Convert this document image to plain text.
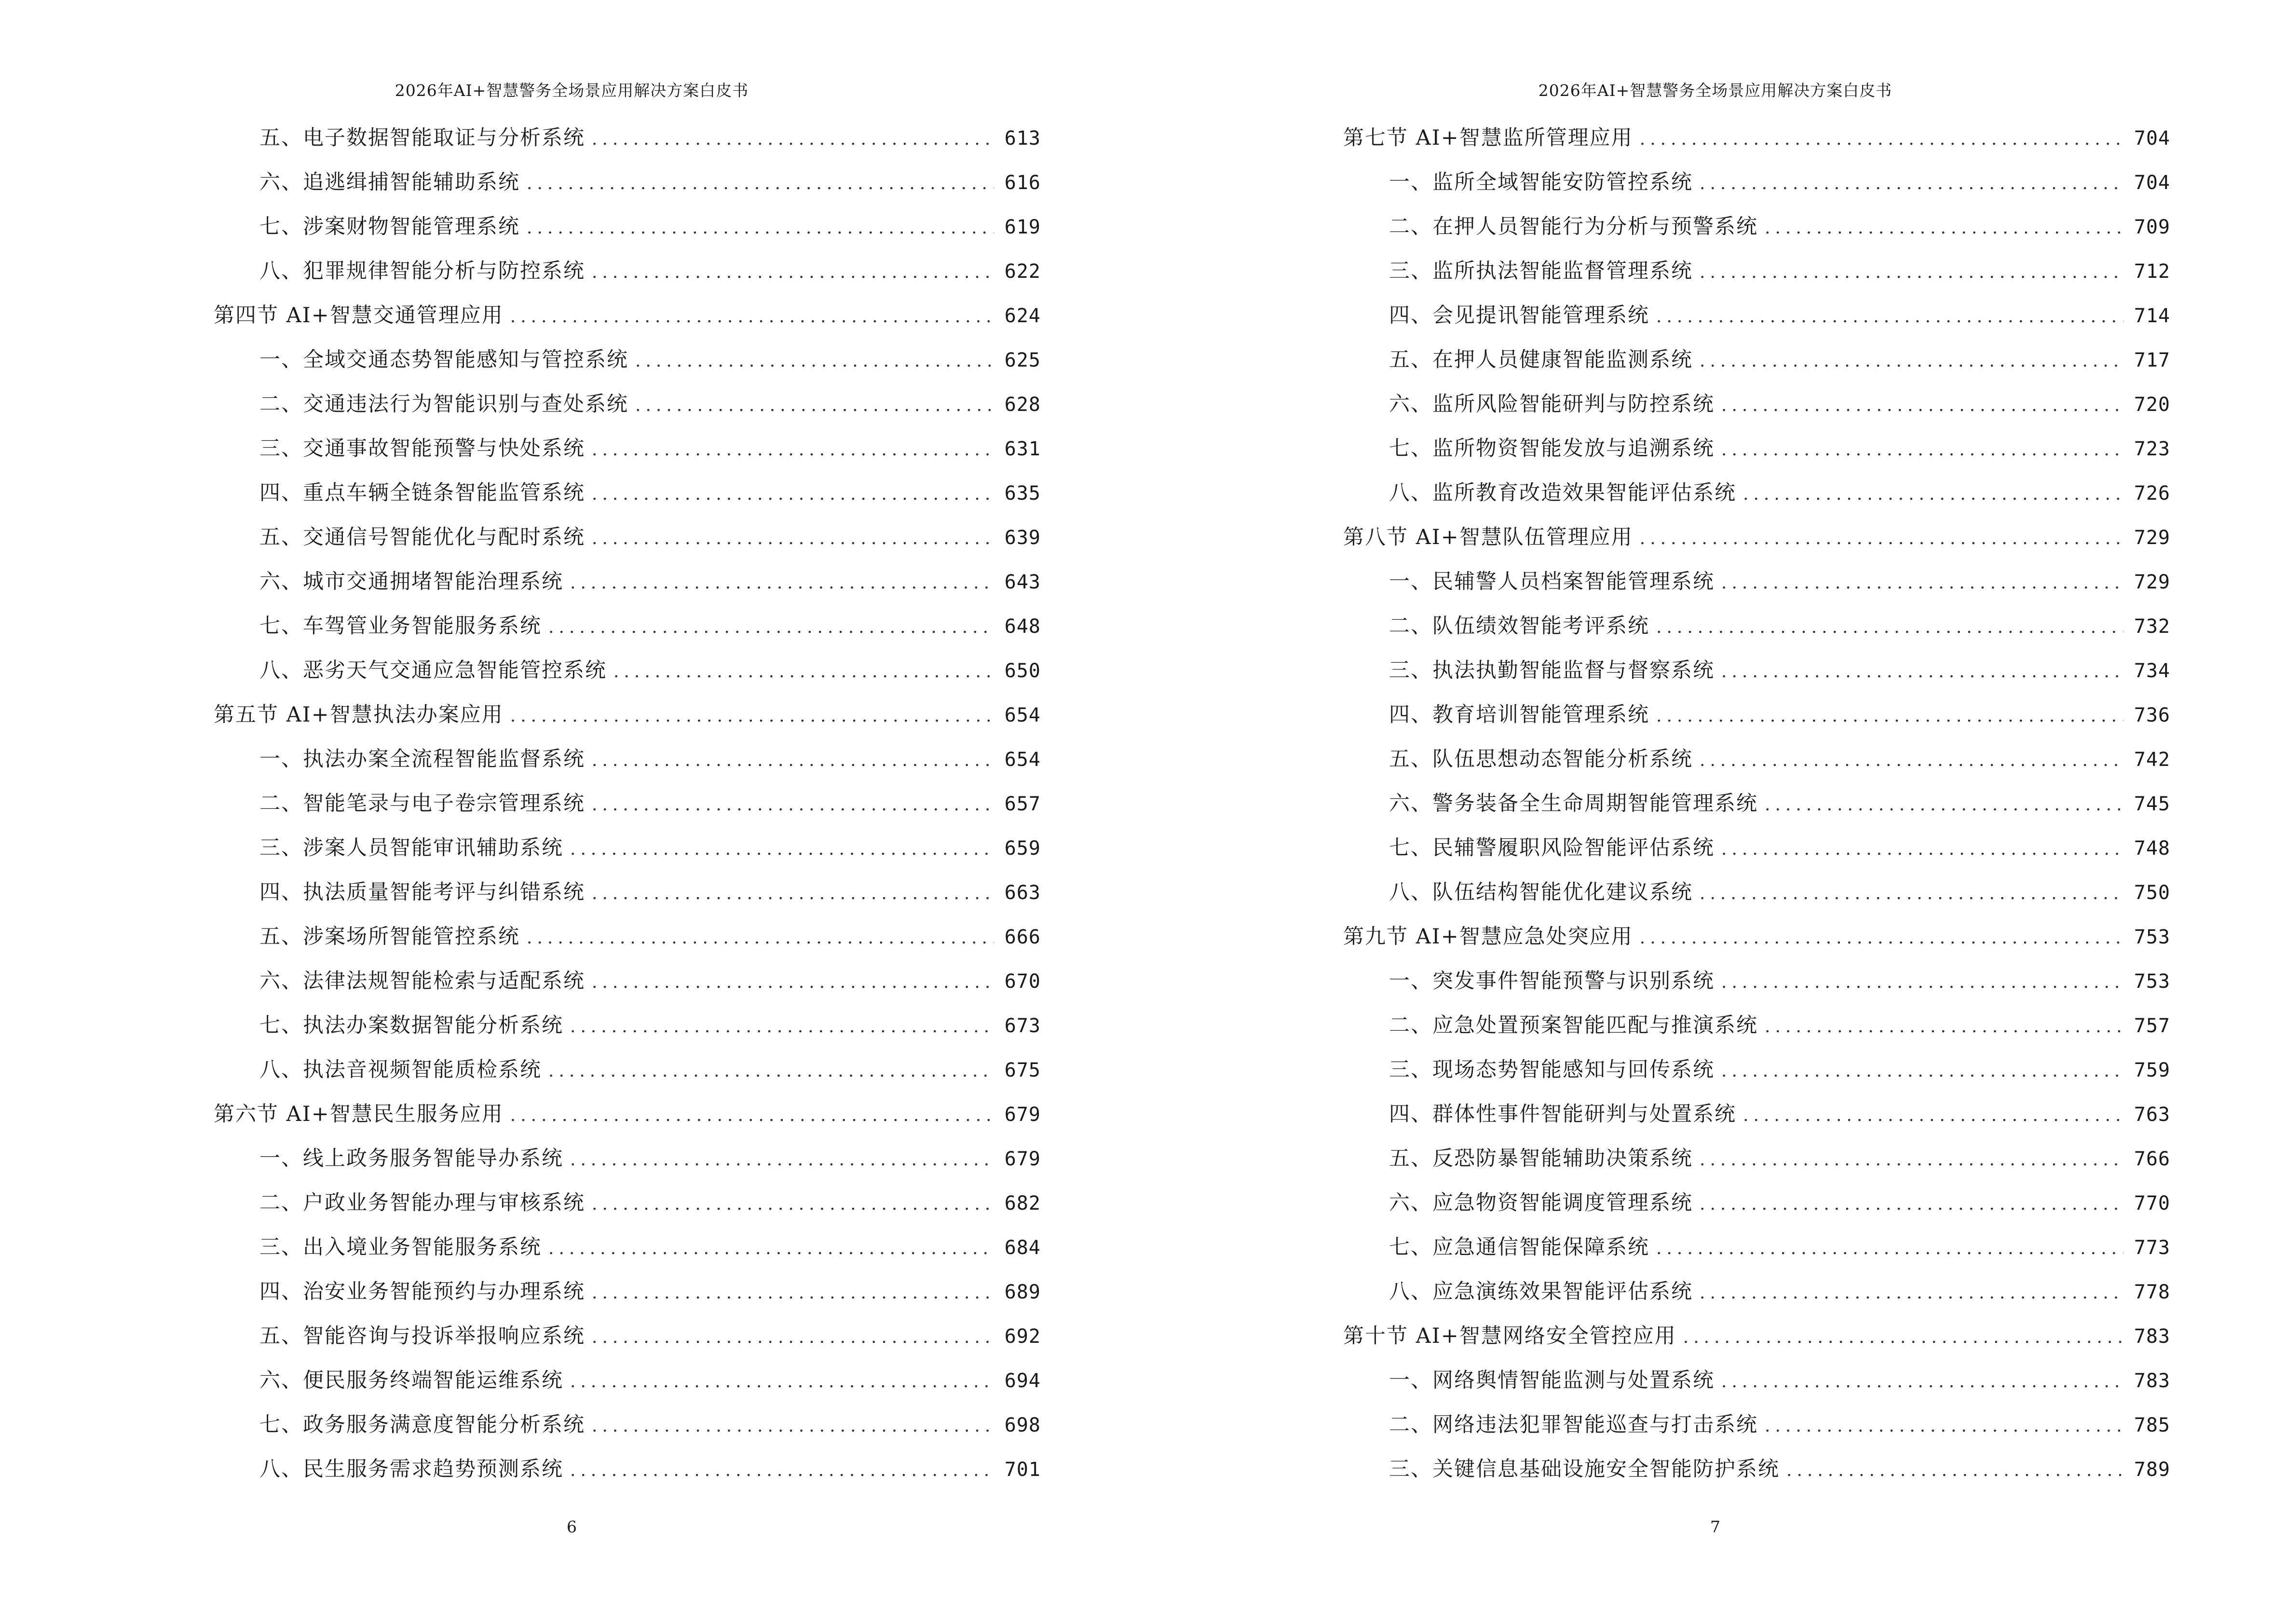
2026年AI+智慧警务全场景应用解决方案白皮书
五、电子数据智能取证与分析系统 .....	613
六、追逃缉捕智能辅助系统 .....	616
七、涉案财物智能管理系统 .....	619
八、犯罪规律智能分析与防控系统 .....	622
第四节 AI+智慧交通管理应用 .....	624
一、全域交通态势智能感知与管控系统 .....	625
二、交通违法行为智能识别与查处系统 .....	628
三、交通事故智能预警与快处系统 .....	631
四、重点车辆全链条智能监管系统 .....	635
五、交通信号智能优化与配时系统 .....	639
六、城市交通拥堵智能治理系统 .....	643
七、车驾管业务智能服务系统 .....	648
八、恶劣天气交通应急智能管控系统 .....	650
第五节 AI+智慧执法办案应用 .....	654
一、执法办案全流程智能监督系统 .....	654
二、智能笔录与电子卷宗管理系统 .....	657
三、涉案人员智能审讯辅助系统 .....	659
四、执法质量智能考评与纠错系统 .....	663
五、涉案场所智能管控系统 .....	666
六、法律法规智能检索与适配系统 .....	670
七、执法办案数据智能分析系统 .....	673
八、执法音视频智能质检系统 .....	675
第六节 AI+智慧民生服务应用 .....	679
一、线上政务服务智能导办系统 .....	679
二、户政业务智能办理与审核系统 .....	682
三、出入境业务智能服务系统 .....	684
四、治安业务智能预约与办理系统 .....	689
五、智能咨询与投诉举报响应系统 .....	692
六、便民服务终端智能运维系统 .....	694
七、政务服务满意度智能分析系统 .....	698
八、民生服务需求趋势预测系统 .....	701
6
2026年AI+智慧警务全场景应用解决方案白皮书
第七节 AI+智慧监所管理应用 .....	704
一、监所全域智能安防管控系统 .....	704
二、在押人员智能行为分析与预警系统 .....	709
三、监所执法智能监督管理系统 .....	712
四、会见提讯智能管理系统 .....	714
五、在押人员健康智能监测系统 .....	717
六、监所风险智能研判与防控系统 .....	720
七、监所物资智能发放与追溯系统 .....	723
八、监所教育改造效果智能评估系统 .....	726
第八节 AI+智慧队伍管理应用 .....	729
一、民辅警人员档案智能管理系统 .....	729
二、队伍绩效智能考评系统 .....	732
三、执法执勤智能监督与督察系统 .....	734
四、教育培训智能管理系统 .....	736
五、队伍思想动态智能分析系统 .....	742
六、警务装备全生命周期智能管理系统 .....	745
七、民辅警履职风险智能评估系统 .....	748
八、队伍结构智能优化建议系统 .....	750
第九节 AI+智慧应急处突应用 .....	753
一、突发事件智能预警与识别系统 .....	753
二、应急处置预案智能匹配与推演系统 .....	757
三、现场态势智能感知与回传系统 .....	759
四、群体性事件智能研判与处置系统 .....	763
五、反恐防暴智能辅助决策系统 .....	766
六、应急物资智能调度管理系统 .....	770
七、应急通信智能保障系统 .....	773
八、应急演练效果智能评估系统 .....	778
第十节 AI+智慧网络安全管控应用 .....	783
一、网络舆情智能监测与处置系统 .....	783
二、网络违法犯罪智能巡查与打击系统 .....	785
三、关键信息基础设施安全智能防护系统 .....	789
7
